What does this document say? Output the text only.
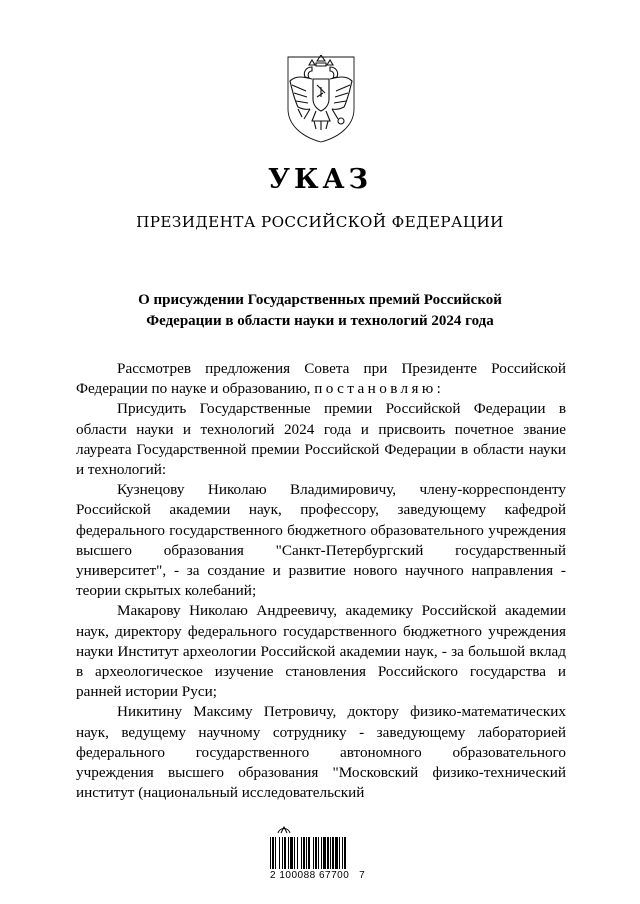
УКАЗ
ПРЕЗИДЕНТА РОССИЙСКОЙ ФЕДЕРАЦИИ
О присуждении Государственных премий Российской
Федерации в области науки и технологий 2024 года

Рассмотрев предложения Совета при Президенте Российской Федерации по науке и образованию, постановляю:

Присудить Государственные премии Российской Федерации в области науки и технологий 2024 года и присвоить почетное звание лауреата Государственной премии Российской Федерации в области науки и технологий:

Кузнецову Николаю Владимировичу, члену-корреспонденту Российской академии наук, профессору, заведующему кафедрой федерального государственного бюджетного образовательного учреждения высшего образования "Санкт-Петербургский государственный университет", - за создание и развитие нового научного направления - теории скрытых колебаний;

Макарову Николаю Андреевичу, академику Российской академии наук, директору федерального государственного бюджетного учреждения науки Институт археологии Российской академии наук, - за большой вклад в археологическое изучение становления Российского государства и ранней истории Руси;

Никитину Максиму Петровичу, доктору физико-математических наук, ведущему научному сотруднику - заведующему лабораторией федерального государственного автономного образовательного учреждения высшего образования "Московский физико-технический институт (национальный исследовательский

2 100088 67700   7
